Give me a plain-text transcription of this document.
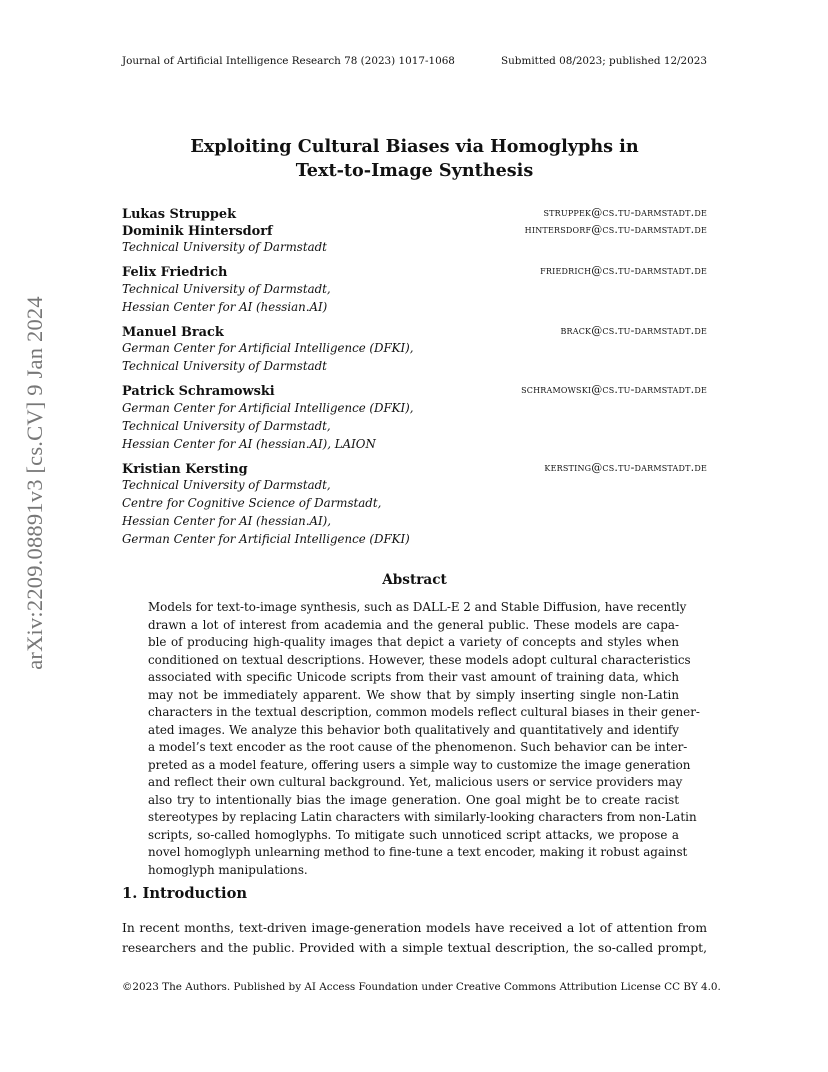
Journal of Artificial Intelligence Research 78 (2023) 1017-1068	Submitted 08/2023; published 12/2023
Exploiting Cultural Biases via Homoglyphs in
Text-to-Image Synthesis
Lukas Struppek	struppek@cs.tu-darmstadt.de
Dominik Hintersdorf	hintersdorf@cs.tu-darmstadt.de
Technical University of Darmstadt
Felix Friedrich	friedrich@cs.tu-darmstadt.de
Technical University of Darmstadt,
Hessian Center for AI (hessian.AI)
Manuel Brack	brack@cs.tu-darmstadt.de
German Center for Artificial Intelligence (DFKI),
Technical University of Darmstadt
Patrick Schramowski	schramowski@cs.tu-darmstadt.de
German Center for Artificial Intelligence (DFKI),
Technical University of Darmstadt,
Hessian Center for AI (hessian.AI), LAION
Kristian Kersting	kersting@cs.tu-darmstadt.de
Technical University of Darmstadt,
Centre for Cognitive Science of Darmstadt,
Hessian Center for AI (hessian.AI),
German Center for Artificial Intelligence (DFKI)
arXiv:2209.08891v3 [cs.CV] 9 Jan 2024	Abstract
Models for text-to-image synthesis, such as DALL-E 2 and Stable Diffusion, have recently
drawn a lot of interest from academia and the general public. These models are capa-
ble of producing high-quality images that depict a variety of concepts and styles when
conditioned on textual descriptions. However, these models adopt cultural characteristics
associated with specific Unicode scripts from their vast amount of training data, which
may not be immediately apparent. We show that by simply inserting single non-Latin
characters in the textual description, common models reflect cultural biases in their gener-
ated images. We analyze this behavior both qualitatively and quantitatively and identify
a model’s text encoder as the root cause of the phenomenon. Such behavior can be inter-
preted as a model feature, offering users a simple way to customize the image generation
and reflect their own cultural background. Yet, malicious users or service providers may
also try to intentionally bias the image generation. One goal might be to create racist
stereotypes by replacing Latin characters with similarly-looking characters from non-Latin
scripts, so-called homoglyphs. To mitigate such unnoticed script attacks, we propose a
novel homoglyph unlearning method to fine-tune a text encoder, making it robust against
homoglyph manipulations.
1. Introduction
In recent months, text-driven image-generation models have received a lot of attention from
researchers and the public. Provided with a simple textual description, the so-called prompt,
©2023 The Authors. Published by AI Access Foundation under Creative Commons Attribution License CC BY 4.0.
